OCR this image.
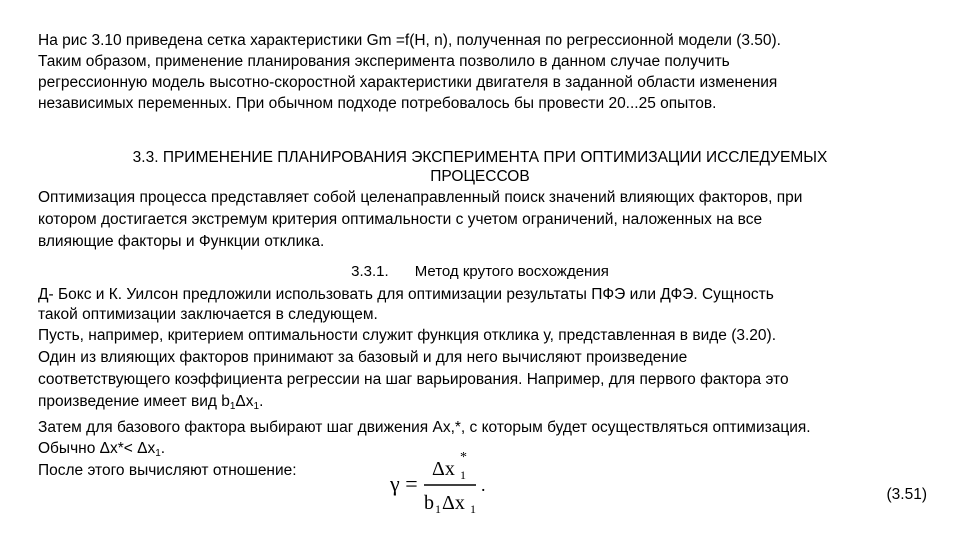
На рис 3.10 приведена сетка характеристики Gm =f(H, n), полученная по регрессионной модели (3.50).
Таким образом, применение планирования эксперимента позволило в данном случае получить
регрессионную модель высотно-скоростной характеристики двигателя в заданной области изменения
независимых переменных. При обычном подходе потребовалось бы провести 20...25 опытов.
3.3. ПРИМЕНЕНИЕ ПЛАНИРОВАНИЯ ЭКСПЕРИМЕНТА ПРИ ОПТИМИЗАЦИИ ИССЛЕДУЕМЫХ
ПРОЦЕССОВ
Оптимизация процесса представляет собой целенаправленный поиск значений влияющих факторов, при
котором достигается экстремум критерия оптимальности с учетом ограничений, наложенных на все
влияющие факторы и Функции отклика.
3.3.1. Метод крутого восхождения
Д- Бокс и К. Уилсон предложили использовать для оптимизации результаты ПФЭ или ДФЭ. Сущность
такой оптимизации заключается в следующем.
Пусть, например, критерием оптимальности служит функция отклика у, представленная в виде (3.20).
Один из влияющих факторов принимают за базовый и для него вычисляют произведение
соответствующего коэффициента регрессии на шаг варьирования. Например, для первого фактора это
произведение имеет вид $b_1\Delta x_1$.
Затем для базового фактора выбирают шаг движения Ax,*, с которым будет осуществляться оптимизация.
Обычно $\Delta x*< \Delta x_1$.
После этого вычисляют отношение:
γ =
Δx 1
*
b 1 Δx 1
.	(3.51)
